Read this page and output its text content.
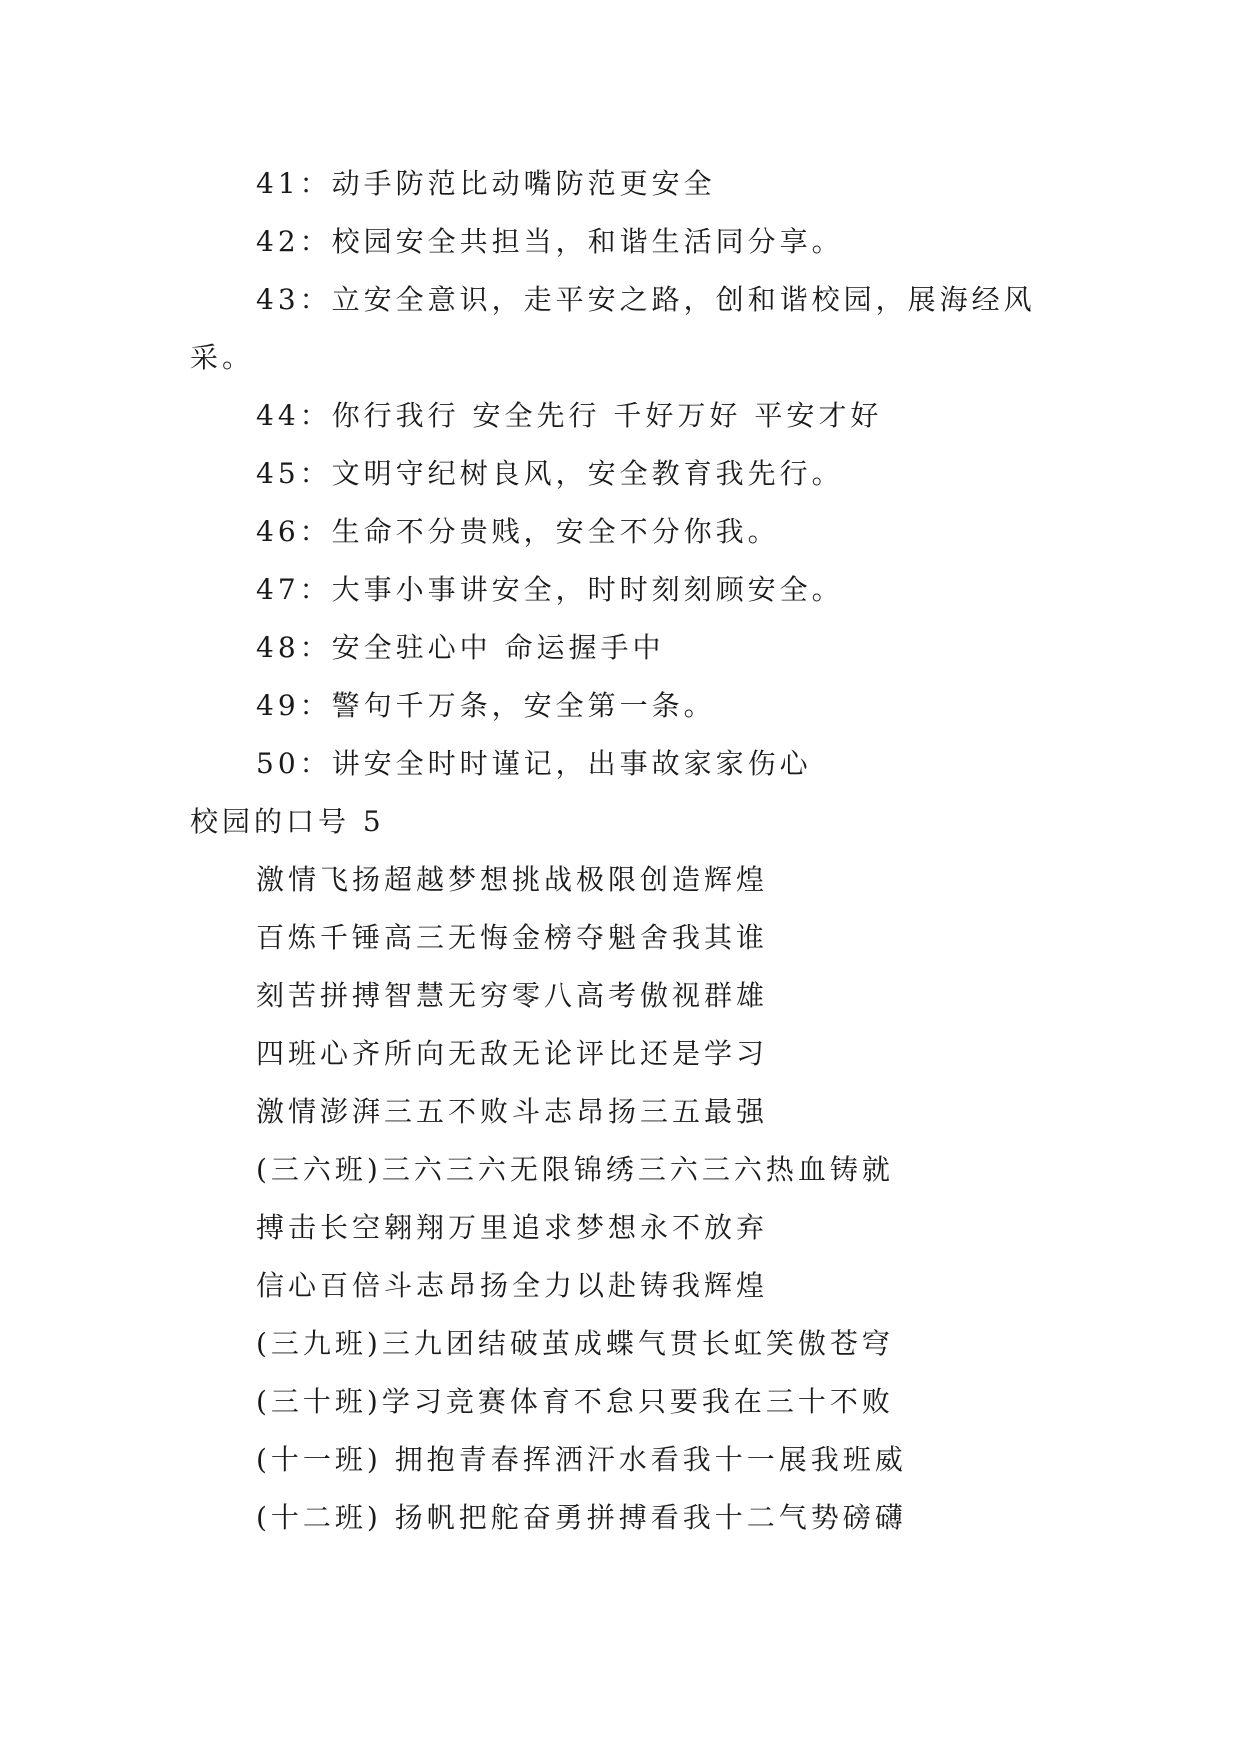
41：动手防范比动嘴防范更安全
42：校园安全共担当，和谐生活同分享。
43：立安全意识，走平安之路，创和谐校园，展海经风
采。
44：你行我行 安全先行 千好万好 平安才好
45：文明守纪树良风，安全教育我先行。
46：生命不分贵贱，安全不分你我。
47：大事小事讲安全，时时刻刻顾安全。
48：安全驻心中 命运握手中
49：警句千万条，安全第一条。
50：讲安全时时谨记，出事故家家伤心
校园的口号 5
激情飞扬超越梦想挑战极限创造辉煌
百炼千锤高三无悔金榜夺魁舍我其谁
刻苦拼搏智慧无穷零八高考傲视群雄
四班心齐所向无敌无论评比还是学习
激情澎湃三五不败斗志昂扬三五最强
(三六班)三六三六无限锦绣三六三六热血铸就
搏击长空翱翔万里追求梦想永不放弃
信心百倍斗志昂扬全力以赴铸我辉煌
(三九班)三九团结破茧成蝶气贯长虹笑傲苍穹
(三十班)学习竞赛体育不怠只要我在三十不败
(十一班) 拥抱青春挥洒汗水看我十一展我班威
(十二班) 扬帆把舵奋勇拼搏看我十二气势磅礴
